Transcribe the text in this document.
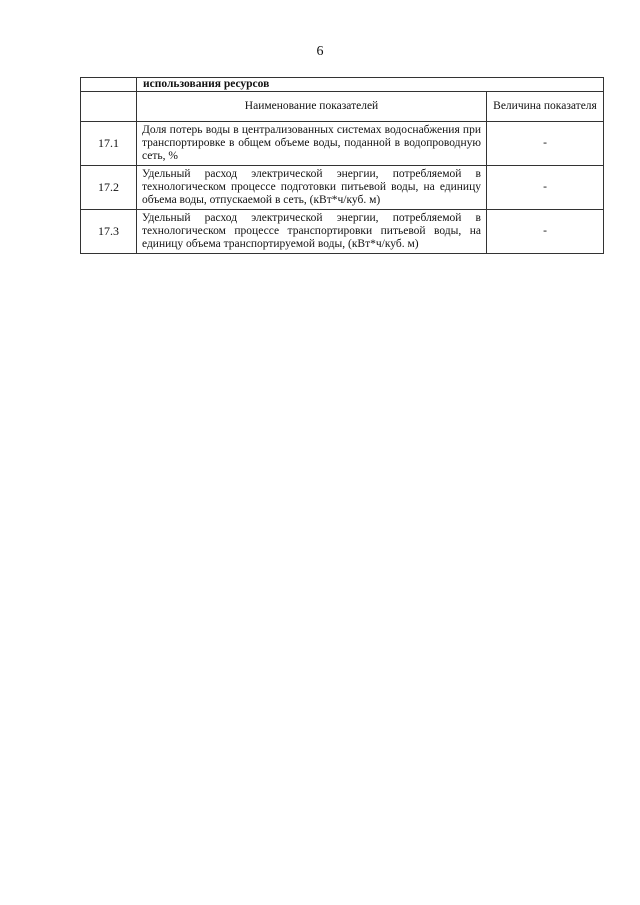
6
	использования ресурсов	
	Наименование показателей	Величина показателя
17.1	Доля потерь воды в централизованных системах водоснабжения при транспортировке в общем объеме воды, поданной в водопроводную сеть, %	-
17.2	Удельный расход электрической энергии, потребляемой в технологическом процессе подготовки питьевой воды, на единицу объема воды, отпускаемой в сеть, (кВт*ч/куб. м)	-
17.3	Удельный расход электрической энергии, потребляемой в технологическом процессе транспортировки питьевой воды, на единицу объема транспортируемой воды, (кВт*ч/куб. м)	-
